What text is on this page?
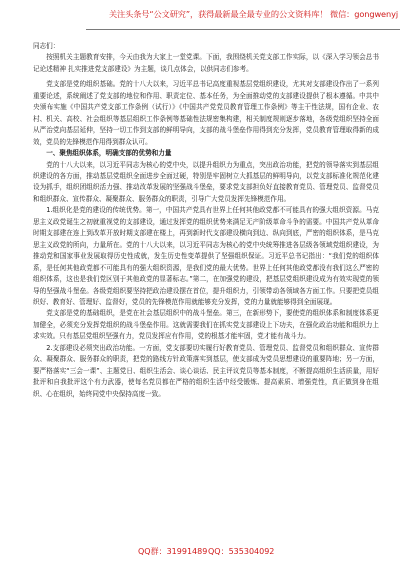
关注头条号“公文研究”，获得最新最全最专业的公文资料库！ 微信：gongwenyj

同志们：

按照机关主题教育安排，今天由我为大家上一堂党课。下面，我围绕机关党支部工作实际，以《深入学习领会总书记论述精神 扎实推进党支部建设》为主题，谈几点体会，以供同志们参考。

党支部是党的组织基础。党的十八大以来，习近平总书记高度重视基层党组织建设，尤其对支部建设作出了一系列重要论述，系统阐述了党支部的地位和作用、职责定位、基本任务，为全面推动党的支部建设提供了根本遵循。中共中央颁布实施《中国共产党支部工作条例（试行）》《中国共产党党员教育管理工作条例》等主干性法规，国有企业、农村、机关、高校、社会组织等基层组织工作条例等基础性法规密集构建，相关制度规则逐步落地，各级党组织坚持全面从严治党向基层延伸，坚持一切工作到支部的鲜明导向，支部的战斗堡垒作用得到充分发挥，党员教育管理取得新的成效，党员的先锋模范作用得到群众认可。

一、聚焦组织体系，明确支部的优势和力量

党的十八大以来，以习近平同志为核心的党中央，以提升组织力为重点，突出政治功能，把党的领导落实到基层组织建设的各方面，推动基层党组织全面进步全面过硬，特别是牢固树立大抓基层的鲜明导向，以党支部标准化规范化建设为抓手，组织团组织活力强、推动改革发展的坚强战斗堡垒，要求党支部担负好直接教育党员、管理党员、监督党员和组织群众、宣传群众、凝聚群众、服务群众的职责，引导广大党员发挥先锋模范作用。

1.组织化是党的建设的传统优势。第一，中国共产党具有世界上任何其他政党都不可能具有的强大组织资源。马克思主义政党诞生之初就重视党的支部建设，通过发挥党的组织优势来满足无产阶级革命斗争的需要。中国共产党从革命时期支部建在连上到改革开放时期支部建在楼上，再到新时代支部建设横向到边、纵向到底，严密的组织体系，是马克思主义政党的所向，力量所在。党的十八大以来，以习近平同志为核心的党中央统筹推进各层级各领域党组织建设，为推动党和国家事业发展取得历史性成就，发生历史性变革提供了坚强组织保证。习近平总书记指出：“我们党的组织体系，是任何其他政党都不可能具有的强大组织资源，是我们党的最大优势。世界上任何其他政党都没有我们这么严密的组织体系，这也是我们党区别于其他政党的显著标志。”第二，在加强党的建设，把基层党组织建设成为有效实现党的领导的坚强战斗堡垒。各级党组织要坚持把政治建设摆在首位，提升组织力，引领带动各领域各方面工作。只要把党员组织好、教育好、管理好、监督好，党员的先锋模范作用就能够充分发挥，党的力量就能够得到全面展现。

党支部是党的基础组织，是党在社会基层组织中的战斗堡垒。第三，在新形势下，要使党的组织体系和制度体系更加健全，必须充分发挥党组织的战斗堡垒作用。这就需要我们在抓实党支部建设上下功夫，在强化政治功能和组织力上求实效。只有基层党组织坚强有力，党员发挥应有作用，党的根基才能牢固，党才能有战斗力。

2.支部建设必须突出政治功能。一方面，党支部要切实履行好教育党员、管理党员、监督党员和组织群众、宣传群众、凝聚群众、服务群众的职责，把党的路线方针政策落实到基层，使支部成为党员思想建设的重要阵地；另一方面，要严格落实“三会一课”、主题党日、组织生活会、谈心谈话、民主评议党员等基本制度，不断提高组织生活质量，用好批评和自我批评这个有力武器，使每名党员都在严格的组织生活中经受锻炼、提高素质、增强党性，真正做到身在组织、心在组织，始终同党中央保持高度一致。

QQ群：31991489 QQ：535304092
